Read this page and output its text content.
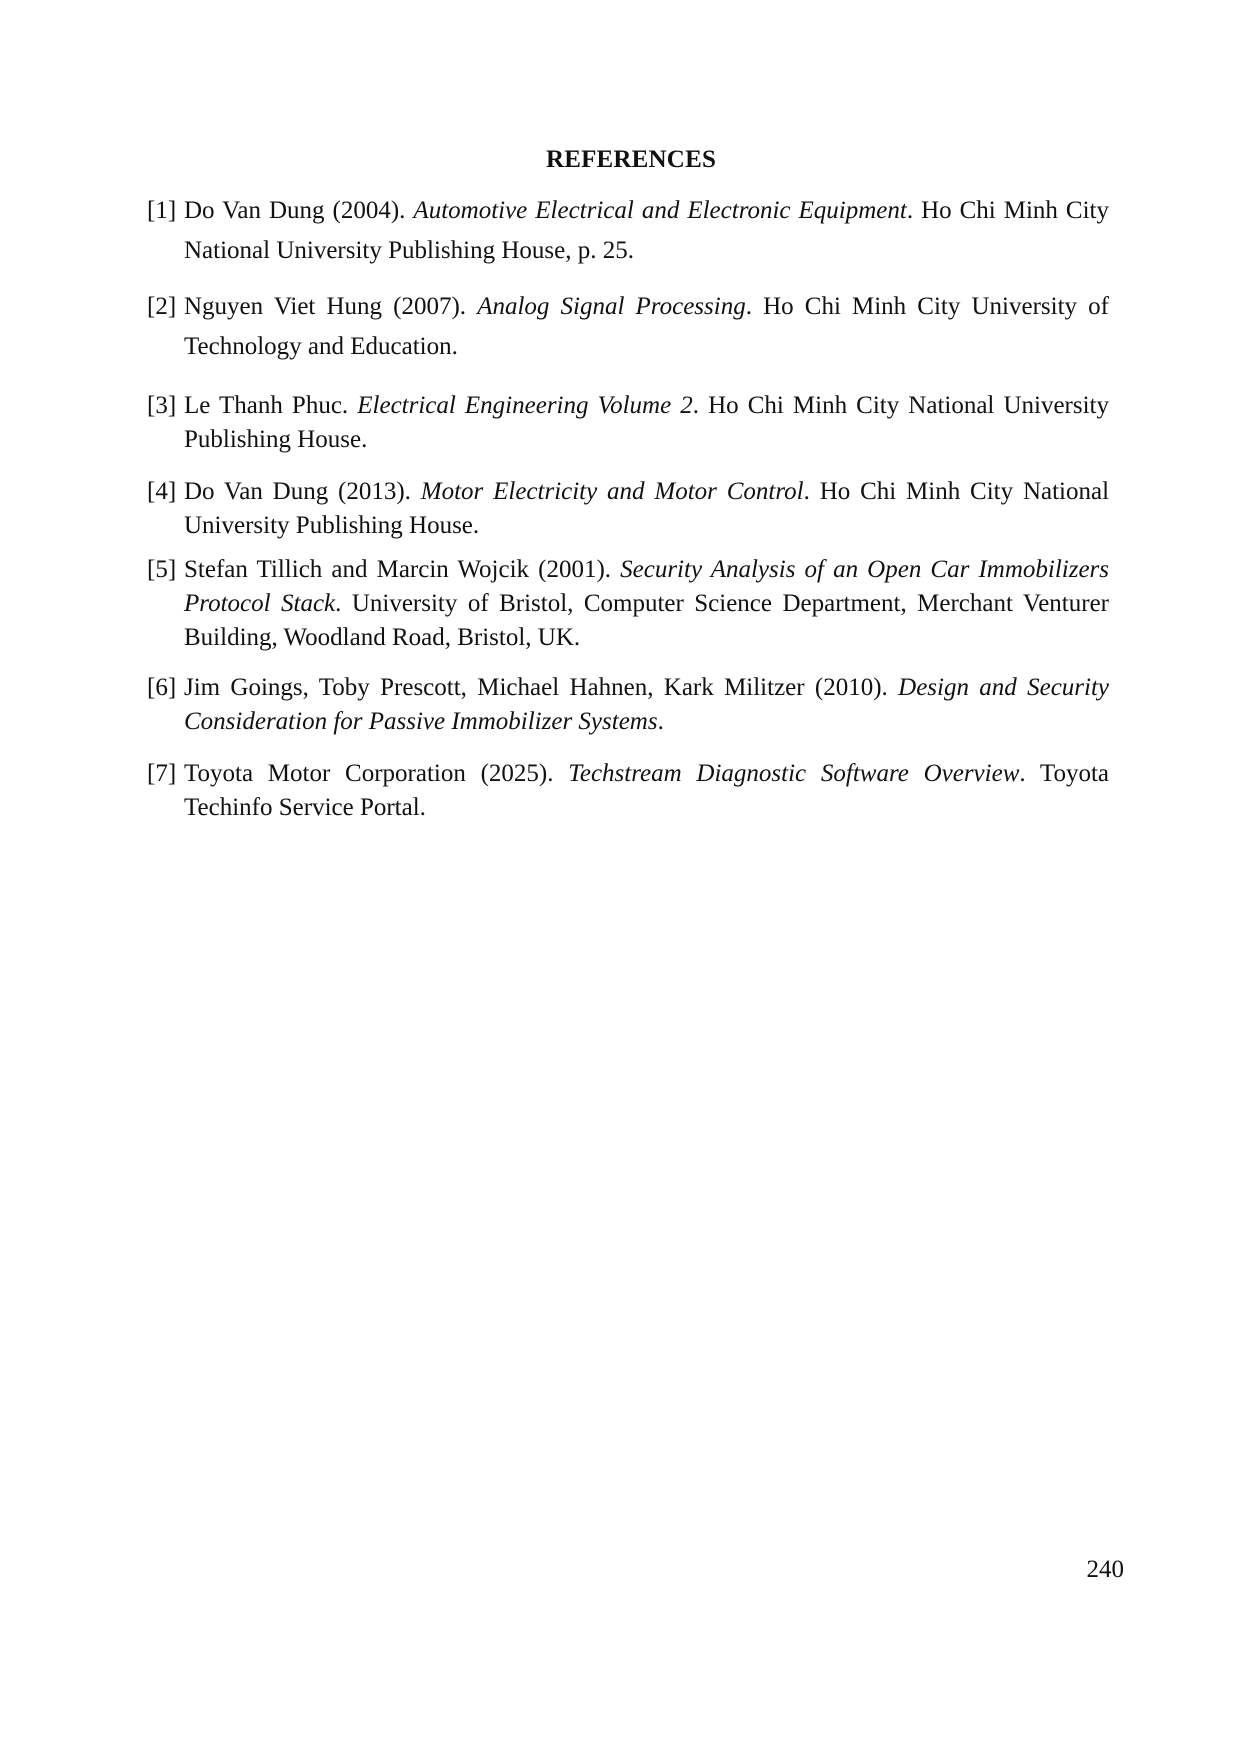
REFERENCES
[1] Do Van Dung (2004). Automotive Electrical and Electronic Equipment. Ho Chi Minh City National University Publishing House, p. 25.
[2] Nguyen Viet Hung (2007). Analog Signal Processing. Ho Chi Minh City University of Technology and Education.
[3] Le Thanh Phuc. Electrical Engineering Volume 2. Ho Chi Minh City National University Publishing House.
[4] Do Van Dung (2013). Motor Electricity and Motor Control. Ho Chi Minh City National University Publishing House.
[5] Stefan Tillich and Marcin Wojcik (2001). Security Analysis of an Open Car Immobilizers Protocol Stack. University of Bristol, Computer Science Department, Merchant Venturer Building, Woodland Road, Bristol, UK.
[6] Jim Goings, Toby Prescott, Michael Hahnen, Kark Militzer (2010). Design and Security Consideration for Passive Immobilizer Systems.
[7] Toyota Motor Corporation (2025). Techstream Diagnostic Software Overview. Toyota Techinfo Service Portal.
240
